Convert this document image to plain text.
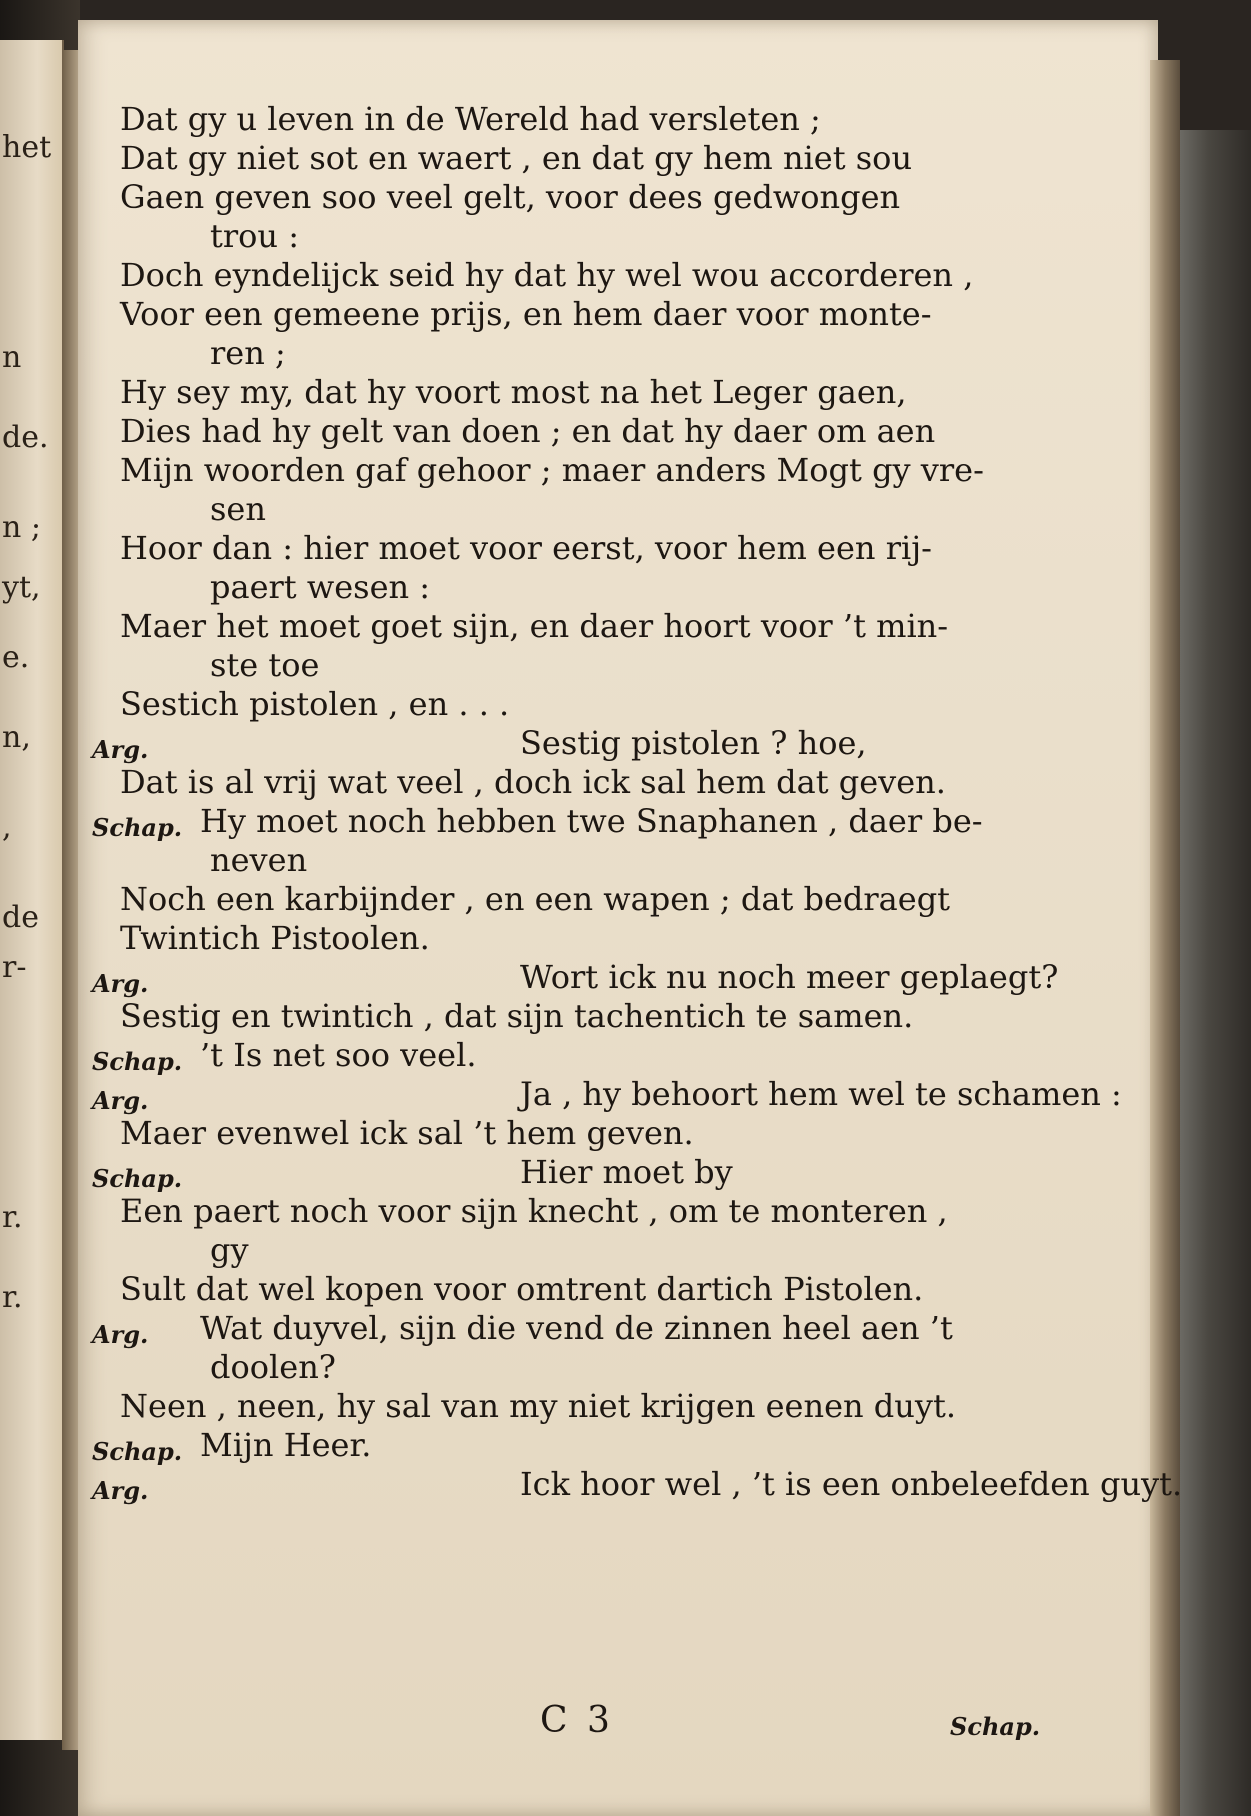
het
n
de.
n ;
yt,
e.
n,
,
de
r-
r.
r.
Dat gy u leven in de Wereld had versleten ;
Dat gy niet sot en waert , en dat gy hem niet sou
Gaen geven soo veel gelt, voor dees gedwongen
trou :
Doch eyndelijck seid hy dat hy wel wou accorderen ,
Voor een gemeene prijs, en hem daer voor monte-
ren ;
Hy sey my, dat hy voort most na het Leger gaen,
Dies had hy gelt van doen ; en dat hy daer om aen
Mijn woorden gaf gehoor ; maer anders Mogt gy vre-
sen
Hoor dan : hier moet voor eerst, voor hem een rij-
paert wesen :
Maer het moet goet sijn, en daer hoort voor ’t min-
ste toe
Sestich pistolen , en . . .
Arg.	Sestig pistolen ? hoe,
Dat is al vrij wat veel , doch ick sal hem dat geven.
Schap. Hy moet noch hebben twe Snaphanen , daer be-
neven
Noch een karbijnder , en een wapen ; dat bedraegt
Twintich Pistoolen.
Arg.	Wort ick nu noch meer geplaegt?
Sestig en twintich , dat sijn tachentich te samen.
Schap. ’t Is net soo veel.
Arg.	Ja , hy behoort hem wel te schamen :
Maer evenwel ick sal ’t hem geven.
Schap.	Hier moet by
Een paert noch voor sijn knecht , om te monteren ,
gy
Sult dat wel kopen voor omtrent dartich Pistolen.
Arg. Wat duyvel, sijn die vend de zinnen heel aen ’t
doolen?
Neen , neen, hy sal van my niet krijgen eenen duyt.
Schap. Mijn Heer.
Arg.	Ick hoor wel , ’t is een onbeleefden guyt.
C 3	Schap.
